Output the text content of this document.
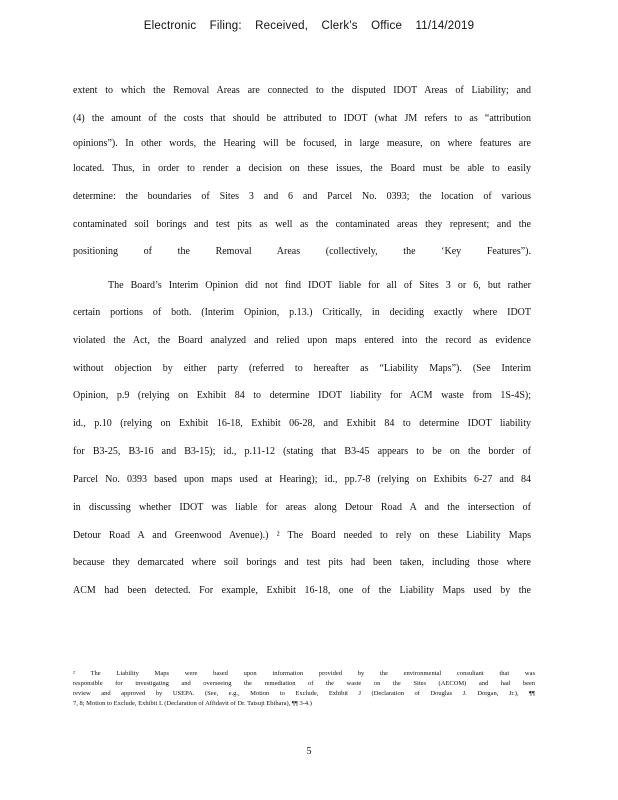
Electronic Filing: Received, Clerk's Office 11/14/2019
extent to which the Removal Areas are connected to the disputed IDOT Areas of Liability; and
(4) the amount of the costs that should be attributed to IDOT (what JM refers to as “attribution
opinions”). In other words, the Hearing will be focused, in large measure, on where features are
located. Thus, in order to render a decision on these issues, the Board must be able to easily
determine: the boundaries of Sites 3 and 6 and Parcel No. 0393; the location of various
contaminated soil borings and test pits as well as the contaminated areas they represent; and the
positioning of the Removal Areas (collectively, the ‘Key Features”).
The Board’s Interim Opinion did not find IDOT liable for all of Sites 3 or 6, but rather
certain portions of both. (Interim Opinion, p.13.) Critically, in deciding exactly where IDOT
violated the Act, the Board analyzed and relied upon maps entered into the record as evidence
without objection by either party (referred to hereafter as “Liability Maps”). (See Interim
Opinion, p.9 (relying on Exhibit 84 to determine IDOT liability for ACM waste from 1S-4S);
id., p.10 (relying on Exhibit 16-18, Exhibit 06-28, and Exhibit 84 to determine IDOT liability
for B3-25, B3-16 and B3-15); id., p.11-12 (stating that B3-45 appears to be on the border of
Parcel No. 0393 based upon maps used at Hearing); id., pp.7-8 (relying on Exhibits 6-27 and 84
in discussing whether IDOT was liable for areas along Detour Road A and the intersection of
Detour Road A and Greenwood Avenue).) ² The Board needed to rely on these Liability Maps
because they demarcated where soil borings and test pits had been taken, including those where
ACM had been detected. For example, Exhibit 16-18, one of the Liability Maps used by the
² The Liability Maps were based upon information provided by the environmental consultant that was
responsible for investigating and overseeing the remediation of the waste on the Sites (AECOM) and had been
review and approved by USEPA. (See, e.g., Motion to Exclude, Exhibit J (Declaration of Douglas J. Dorgan, Jr.), ¶¶
7, 8; Motion to Exclude, Exhibit L (Declaration of Affidavit of Dr. Tatsuji Ebihara), ¶¶ 3-4.)
5
